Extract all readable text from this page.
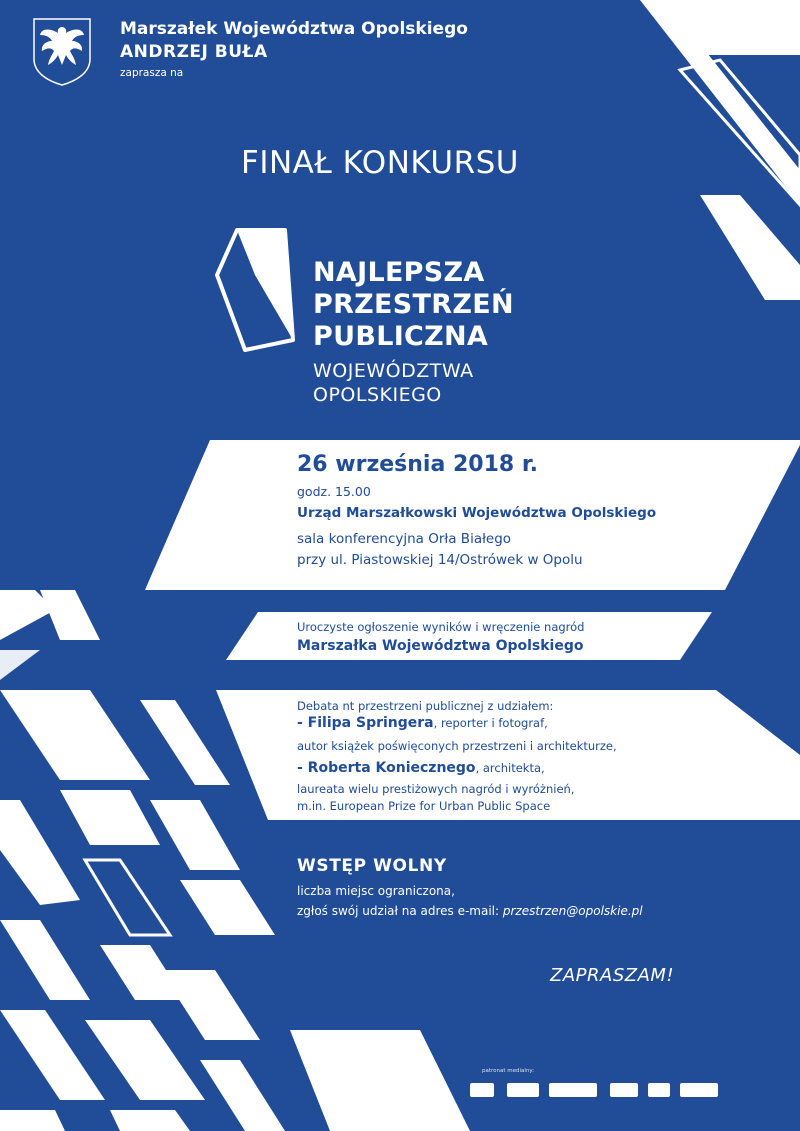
Marszałek Województwa Opolskiego
ANDRZEJ BUŁA
zaprasza na
FINAŁ KONKURSU
NAJLEPSZA
PRZESTRZEŃ
PUBLICZNA
WOJEWÓDZTWA
OPOLSKIEGO
26 września 2018 r.
godz. 15.00
Urząd Marszałkowski Województwa Opolskiego
sala konferencyjna Orła Białego
przy ul. Piastowskiej 14/Ostrówek w Opolu
Uroczyste ogłoszenie wyników i wręczenie nagród
Marszałka Województwa Opolskiego
Debata nt przestrzeni publicznej z udziałem:
- Filipa Springera, reporter i fotograf,
autor książek poświęconych przestrzeni i architekturze,
- Roberta Koniecznego, architekta,
laureata wielu prestiżowych nagród i wyróżnień,
m.in. European Prize for Urban Public Space
WSTĘP WOLNY
liczba miejsc ograniczona,
zgłoś swój udział na adres e-mail: przestrzen@opolskie.pl
ZAPRASZAM!
patronat medialny:
